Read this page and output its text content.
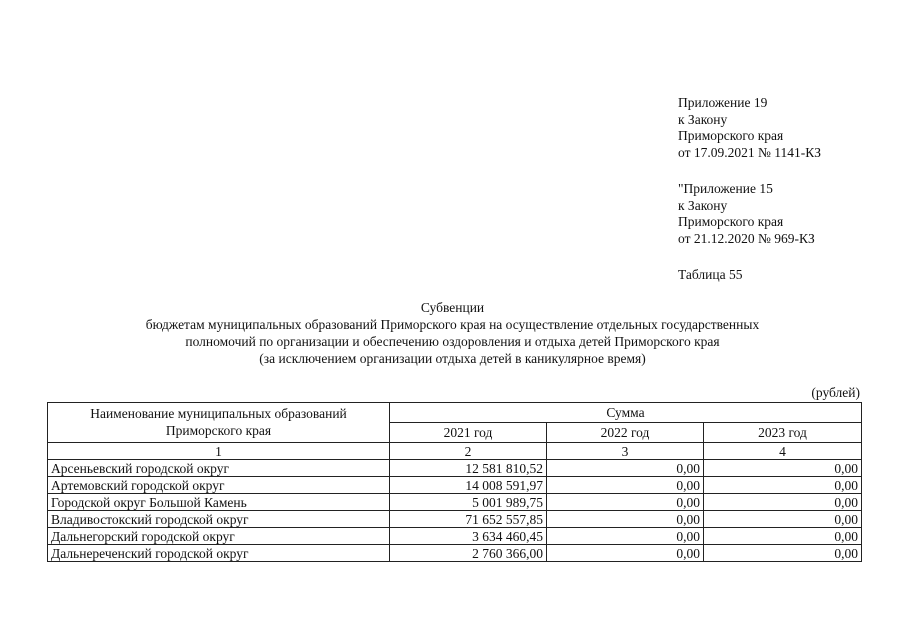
Приложение 19
к Закону
Приморского края
от 17.09.2021 № 1141-КЗ
"Приложение 15
к Закону
Приморского края
от 21.12.2020 № 969-КЗ
Таблица 55
Субвенции
бюджетам муниципальных образований Приморского края на осуществление отдельных государственных
полномочий по организации и обеспечению оздоровления и отдыха детей Приморского края
(за исключением организации отдыха детей в каникулярное время)
(рублей)
Наименование муниципальных образований Приморского края	Сумма		
	2021 год	2022 год	2023 год
1	2	3	4
Арсеньевский городской округ	12 581 810,52	0,00	0,00
Артемовский городской округ	14 008 591,97	0,00	0,00
Городской округ Большой Камень	5 001 989,75	0,00	0,00
Владивостокский городской округ	71 652 557,85	0,00	0,00
Дальнегорский городской округ	3 634 460,45	0,00	0,00
Дальнереченский городской округ	2 760 366,00	0,00	0,00
